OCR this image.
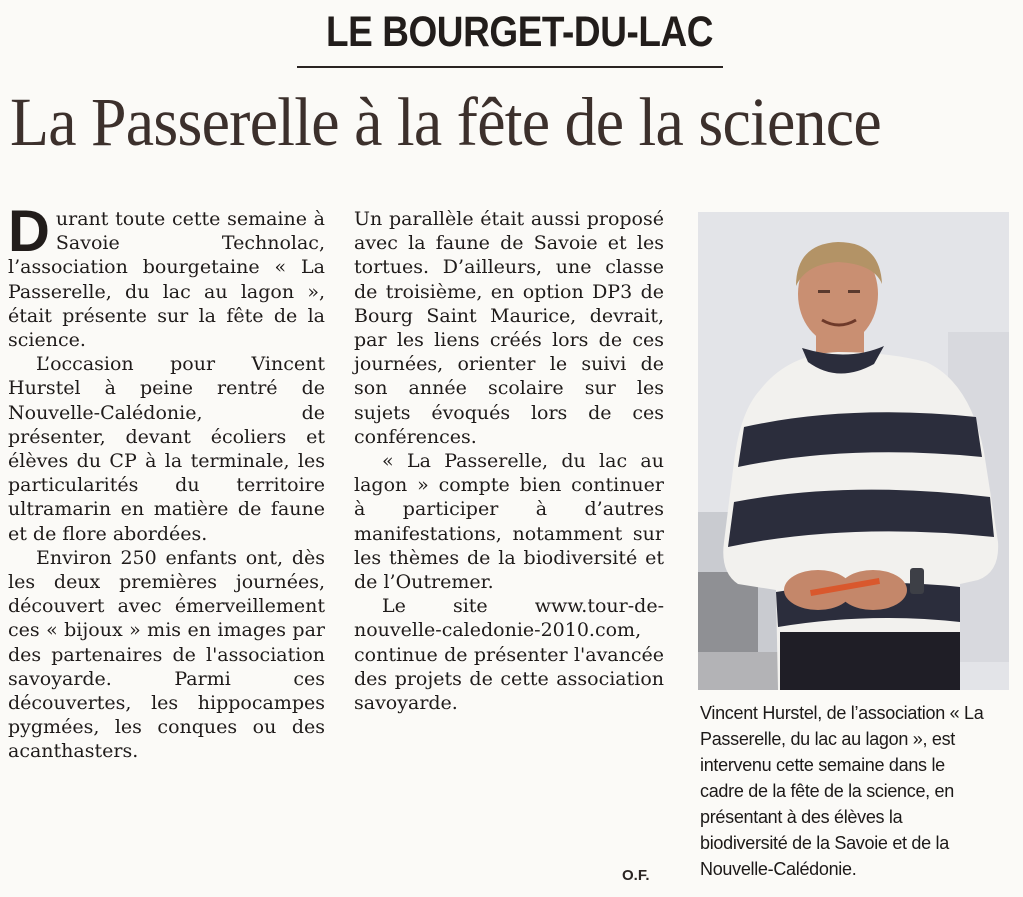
LE BOURGET-DU-LAC
La Passerelle à la fête de la science

Durant toute cette semaine à Savoie Technolac, l’association bourgetaine « La Passerelle, du lac au lagon », était présente sur la fête de la science.

L’occasion pour Vincent Hurstel à peine rentré de Nouvelle-Calédonie, de présenter, devant écoliers et élèves du CP à la terminale, les particularités du territoire ultramarin en matière de faune et de flore abordées.

Environ 250 enfants ont, dès les deux premières journées, découvert avec émerveillement ces « bijoux » mis en images par des partenaires de l'association savoyarde. Parmi ces découvertes, les hippocampes pygmées, les conques ou des acanthasters.

Un parallèle était aussi proposé avec la faune de Savoie et les tortues. D’ailleurs, une classe de troisième, en option DP3 de Bourg Saint Maurice, devrait, par les liens créés lors de ces journées, orienter le suivi de son année scolaire sur les sujets évoqués lors de ces conférences.

« La Passerelle, du lac au lagon » compte bien continuer à participer à d’autres manifestations, notamment sur les thèmes de la biodiversité et de l’Outremer.

Le site www.tour-de-nouvelle-caledonie-2010.com, continue de présenter l'avancée des projets de cette association savoyarde.

O.F.
Vincent Hurstel, de l’association « La Passerelle, du lac au lagon », est intervenu cette semaine dans le cadre de la fête de la science, en présentant à des élèves la biodiversité de la Savoie et de la Nouvelle-Calédonie.
